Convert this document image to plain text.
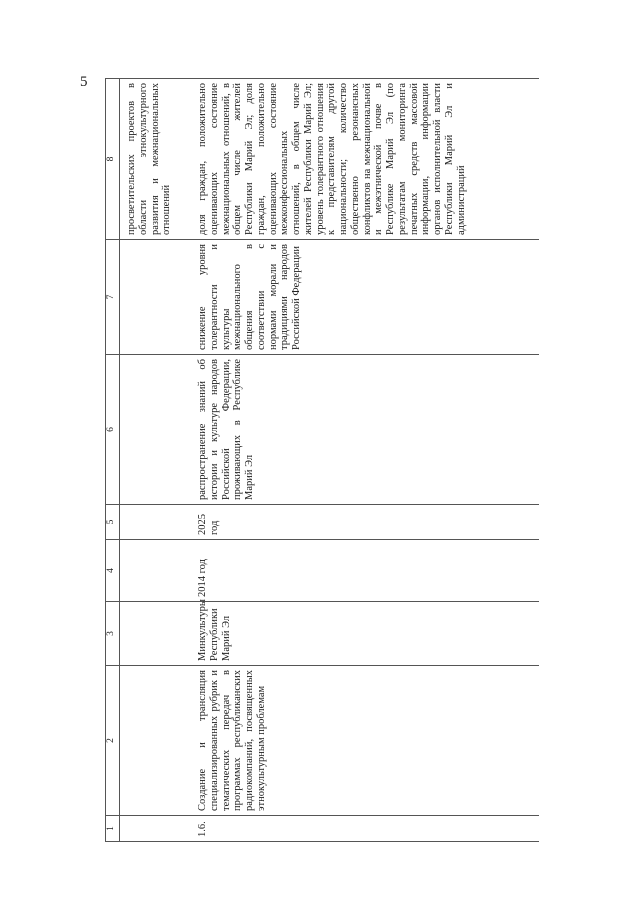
5
1	2	3	4	5	6	7	8
							просветительских проектов в области этнокультурного развития и межнациональных отношений
1.6.	Создание и трансляция специализированных рубрик и тематических передач в программах республиканских радиокомпаний, посвященных этнокультурным проблемам	Минкультуры Республики Марий Эл	2014 год	2025 год	распространение знаний об истории и культуре народов Российской Федерации, проживающих в Республике Марий Эл	снижение уровня толерантности и культуры межнационального общения в соответствии с нормами морали и традициями народов Российской Федерации	доля граждан, положительно оценивающих состояние межнациональных отношений, в общем числе жителей Республики Марий Эл; доля граждан, положительно оценивающих состояние межконфессиональных отношений, в общем числе жителей Республики Марий Эл; уровень толерантного отношения к представителям другой национальности; количество общественно резонансных конфликтов на межнациональной и межэтнической почве в Республике Марий Эл (по результатам мониторинга печатных средств массовой информации, информации органов исполнительной власти Республики Марий Эл и администраций
